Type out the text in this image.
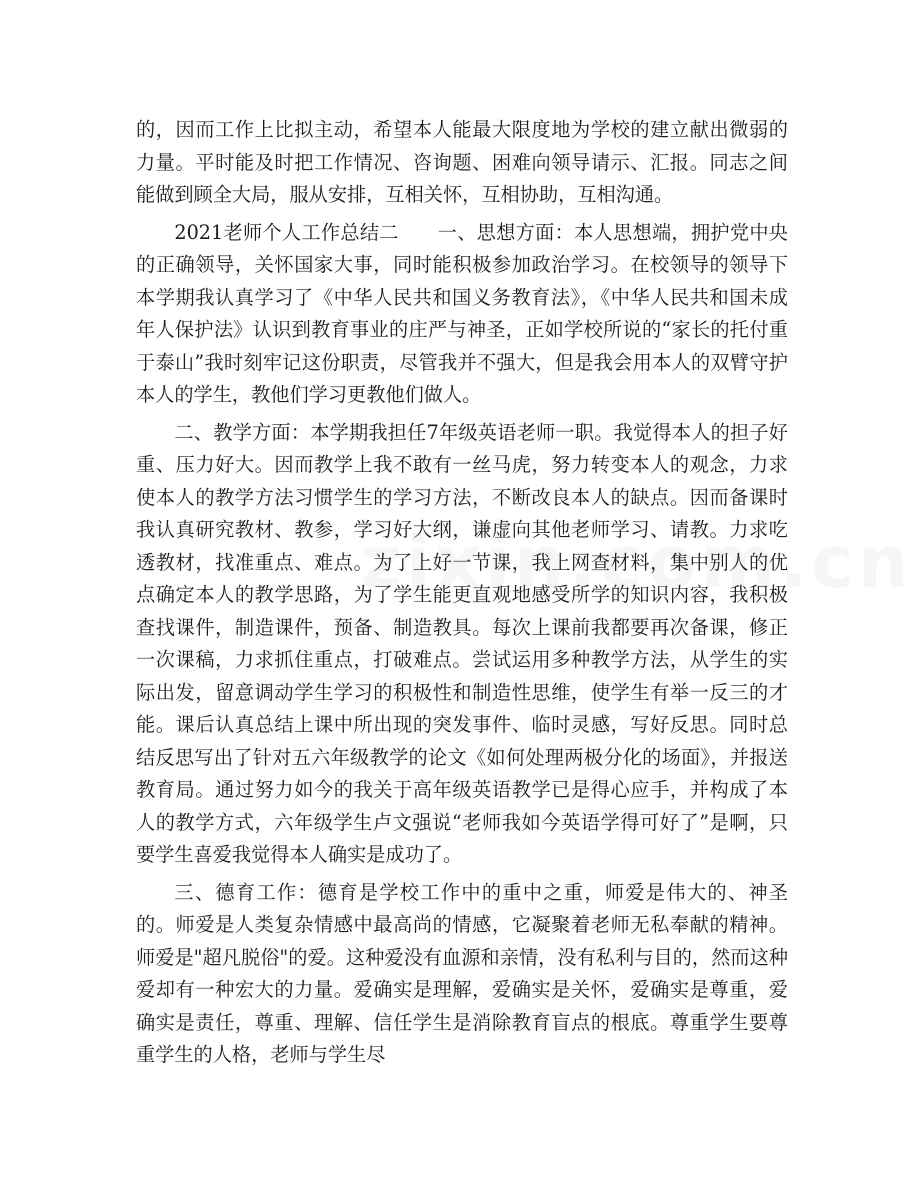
的，因而工作上比拟主动，希望本人能最大限度地为学校的建立献出微弱的力量。平时能及时把工作情况、咨询题、困难向领导请示、汇报。同志之间能做到顾全大局，服从安排，互相关怀，互相协助，互相沟通。

2021老师个人工作总结二　　一、思想方面：本人思想端，拥护党中央的正确领导，关怀国家大事，同时能积极参加政治学习。在校领导的领导下本学期我认真学习了《中华人民共和国义务教育法》，《中华人民共和国未成年人保护法》认识到教育事业的庄严与神圣，正如学校所说的“家长的托付重于泰山”我时刻牢记这份职责，尽管我并不强大，但是我会用本人的双臂守护本人的学生，教他们学习更教他们做人。

二、教学方面：本学期我担任7年级英语老师一职。我觉得本人的担子好重、压力好大。因而教学上我不敢有一丝马虎，努力转变本人的观念，力求使本人的教学方法习惯学生的学习方法，不断改良本人的缺点。因而备课时我认真研究教材、教参，学习好大纲，谦虚向其他老师学习、请教。力求吃透教材，找准重点、难点。为了上好一节课，我上网查材料，集中别人的优点确定本人的教学思路，为了学生能更直观地感受所学的知识内容，我积极查找课件，制造课件，预备、制造教具。每次上课前我都要再次备课，修正一次课稿，力求抓住重点，打破难点。尝试运用多种教学方法，从学生的实际出发，留意调动学生学习的积极性和制造性思维，使学生有举一反三的才能。课后认真总结上课中所出现的突发事件、临时灵感，写好反思。同时总结反思写出了针对五六年级教学的论文《如何处理两极分化的场面》，并报送教育局。通过努力如今的我关于高年级英语教学已是得心应手，并构成了本人的教学方式，六年级学生卢文强说“老师我如今英语学得可好了”是啊，只要学生喜爱我觉得本人确实是成功了。

三、德育工作：德育是学校工作中的重中之重，师爱是伟大的、神圣的。师爱是人类复杂情感中最高尚的情感，它凝聚着老师无私奉献的精神。师爱是"超凡脱俗"的爱。这种爱没有血源和亲情，没有私利与目的，然而这种爱却有一种宏大的力量。爱确实是理解，爱确实是关怀，爱确实是尊重，爱确实是责任，尊重、理解、信任学生是消除教育盲点的根底。尊重学生要尊重学生的人格，老师与学生尽
